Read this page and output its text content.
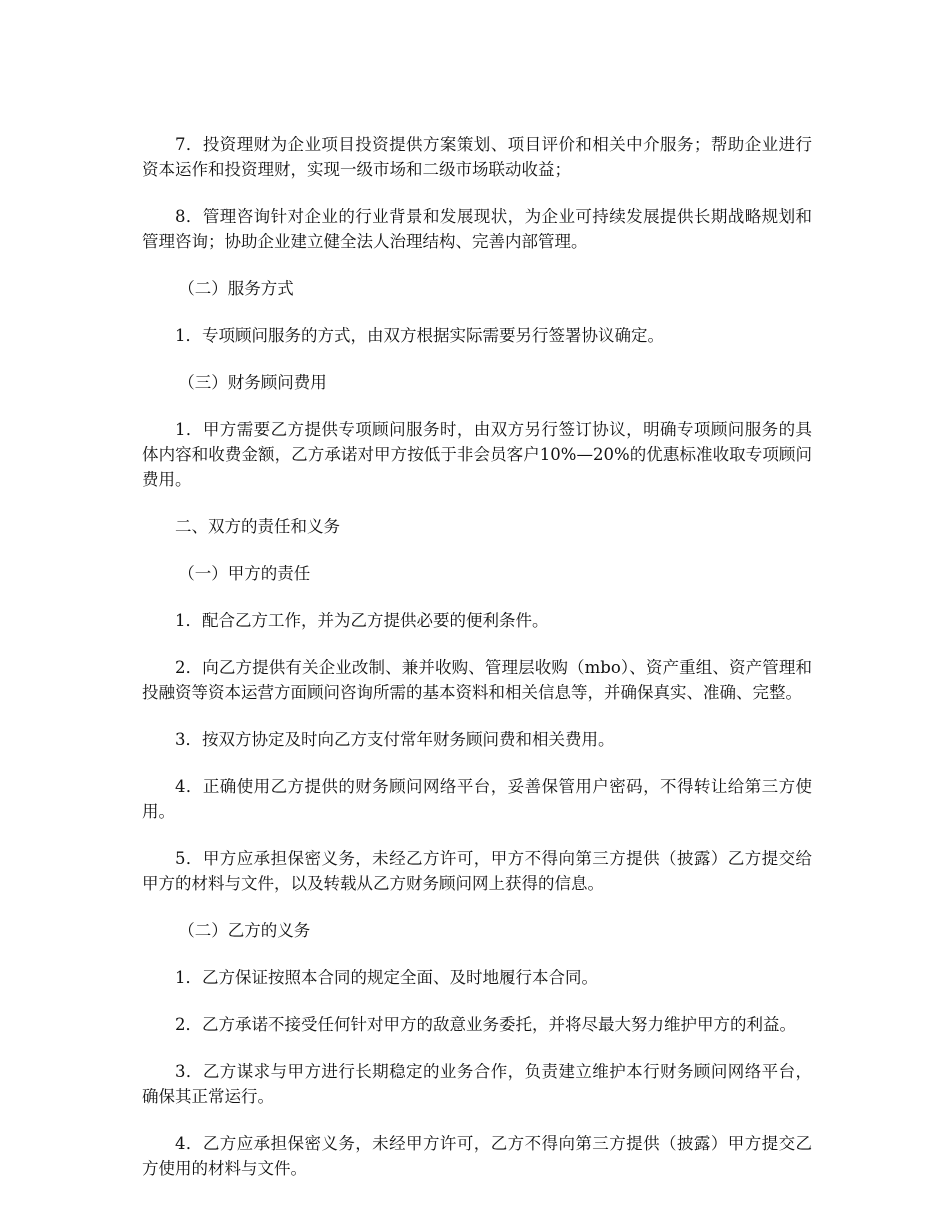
7．投资理财为企业项目投资提供方案策划、项目评价和相关中介服务；帮助企业进行资本运作和投资理财，实现一级市场和二级市场联动收益；

8．管理咨询针对企业的行业背景和发展现状，为企业可持续发展提供长期战略规划和管理咨询；协助企业建立健全法人治理结构、完善内部管理。

（二）服务方式

1．专项顾问服务的方式，由双方根据实际需要另行签署协议确定。

（三）财务顾问费用

1．甲方需要乙方提供专项顾问服务时，由双方另行签订协议，明确专项顾问服务的具体内容和收费金额，乙方承诺对甲方按低于非会员客户10%—20%的优惠标准收取专项顾问费用。

二、双方的责任和义务

（一）甲方的责任

1．配合乙方工作，并为乙方提供必要的便利条件。

2．向乙方提供有关企业改制、兼并收购、管理层收购（mbo）、资产重组、资产管理和投融资等资本运营方面顾问咨询所需的基本资料和相关信息等，并确保真实、准确、完整。

3．按双方协定及时向乙方支付常年财务顾问费和相关费用。

4．正确使用乙方提供的财务顾问网络平台，妥善保管用户密码，不得转让给第三方使用。

5．甲方应承担保密义务，未经乙方许可，甲方不得向第三方提供（披露）乙方提交给甲方的材料与文件，以及转载从乙方财务顾问网上获得的信息。

（二）乙方的义务

1．乙方保证按照本合同的规定全面、及时地履行本合同。

2．乙方承诺不接受任何针对甲方的敌意业务委托，并将尽最大努力维护甲方的利益。

3．乙方谋求与甲方进行长期稳定的业务合作，负责建立维护本行财务顾问网络平台，确保其正常运行。

4．乙方应承担保密义务，未经甲方许可，乙方不得向第三方提供（披露）甲方提交乙方使用的材料与文件。
